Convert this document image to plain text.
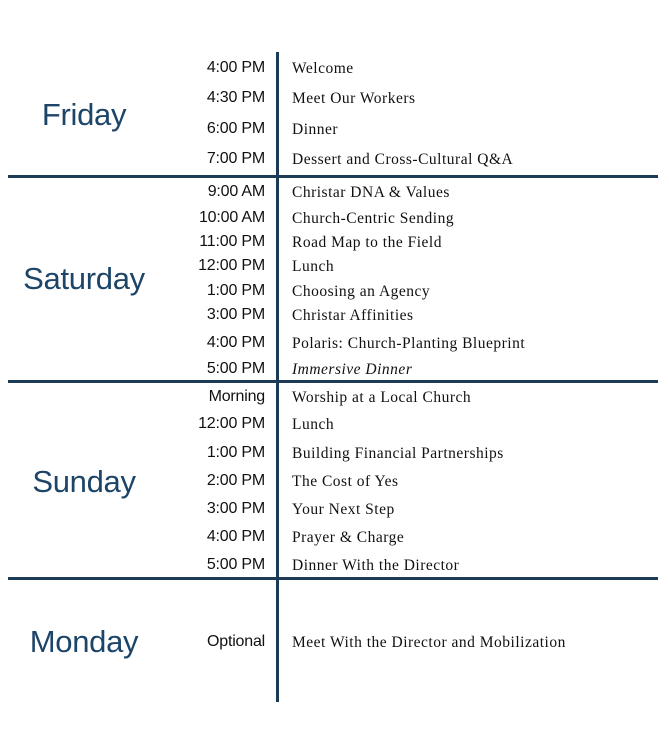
Friday
4:00 PM Welcome
4:30 PM Meet Our Workers
6:00 PM Dinner
7:00 PM Dessert and Cross-Cultural Q&A
Saturday
9:00 AM Christar DNA & Values
10:00 AM Church-Centric Sending
11:00 PM Road Map to the Field
12:00 PM Lunch
1:00 PM Choosing an Agency
3:00 PM Christar Affinities
4:00 PM Polaris: Church-Planting Blueprint
5:00 PM Immersive Dinner
Sunday
Morning Worship at a Local Church
12:00 PM Lunch
1:00 PM Building Financial Partnerships
2:00 PM The Cost of Yes
3:00 PM Your Next Step
4:00 PM Prayer & Charge
5:00 PM Dinner With the Director
Monday	Optional Meet With the Director and Mobilization
